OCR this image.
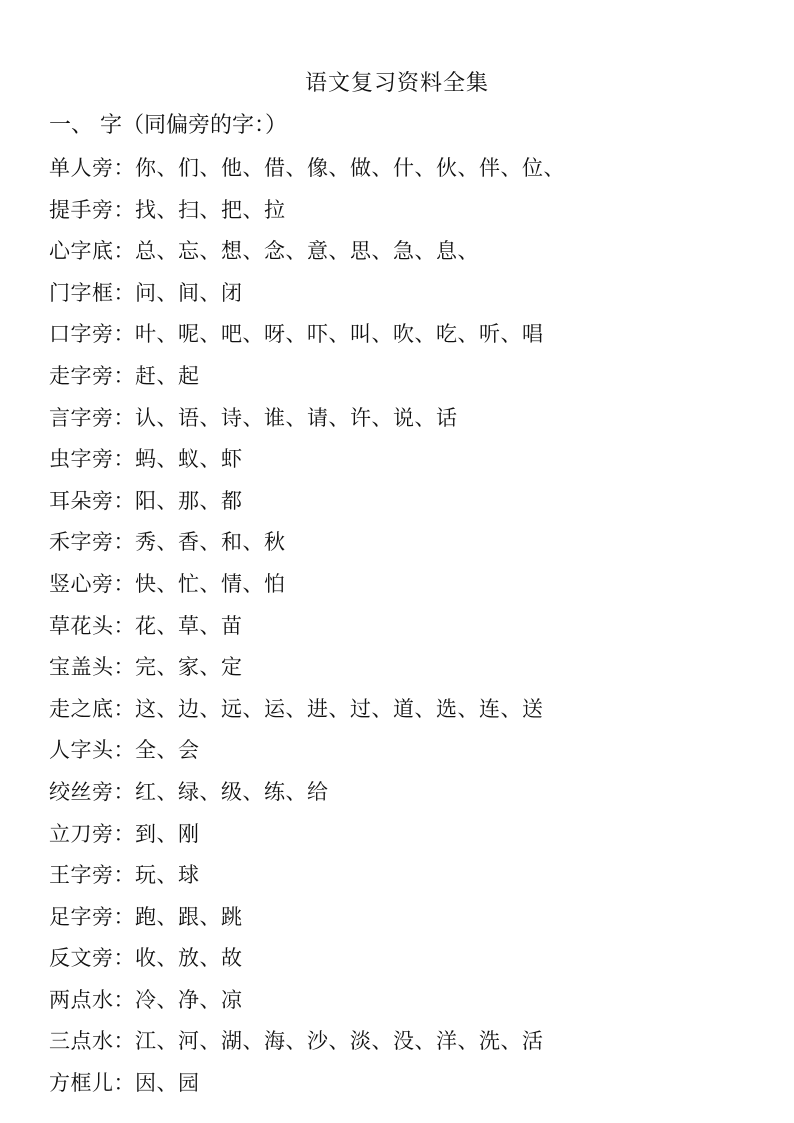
语文复习资料全集
一、 字（同偏旁的字：）
单人旁：你、们、他、借、像、做、什、伙、伴、位、
提手旁：找、扫、把、拉
心字底：总、忘、想、念、意、思、急、息、
门字框：问、间、闭
口字旁：叶、呢、吧、呀、吓、叫、吹、吃、听、唱
走字旁：赶、起
言字旁：认、语、诗、谁、请、许、说、话
虫字旁：蚂、蚁、虾
耳朵旁：阳、那、都
禾字旁：秀、香、和、秋
竖心旁：快、忙、情、怕
草花头：花、草、苗
宝盖头：完、家、定
走之底：这、边、远、运、进、过、道、选、连、送
人字头：全、会
绞丝旁：红、绿、级、练、给
立刀旁：到、刚
王字旁：玩、球
足字旁：跑、跟、跳
反文旁：收、放、故
两点水：冷、净、凉
三点水：江、河、湖、海、沙、淡、没、洋、洗、活
方框儿：因、园
